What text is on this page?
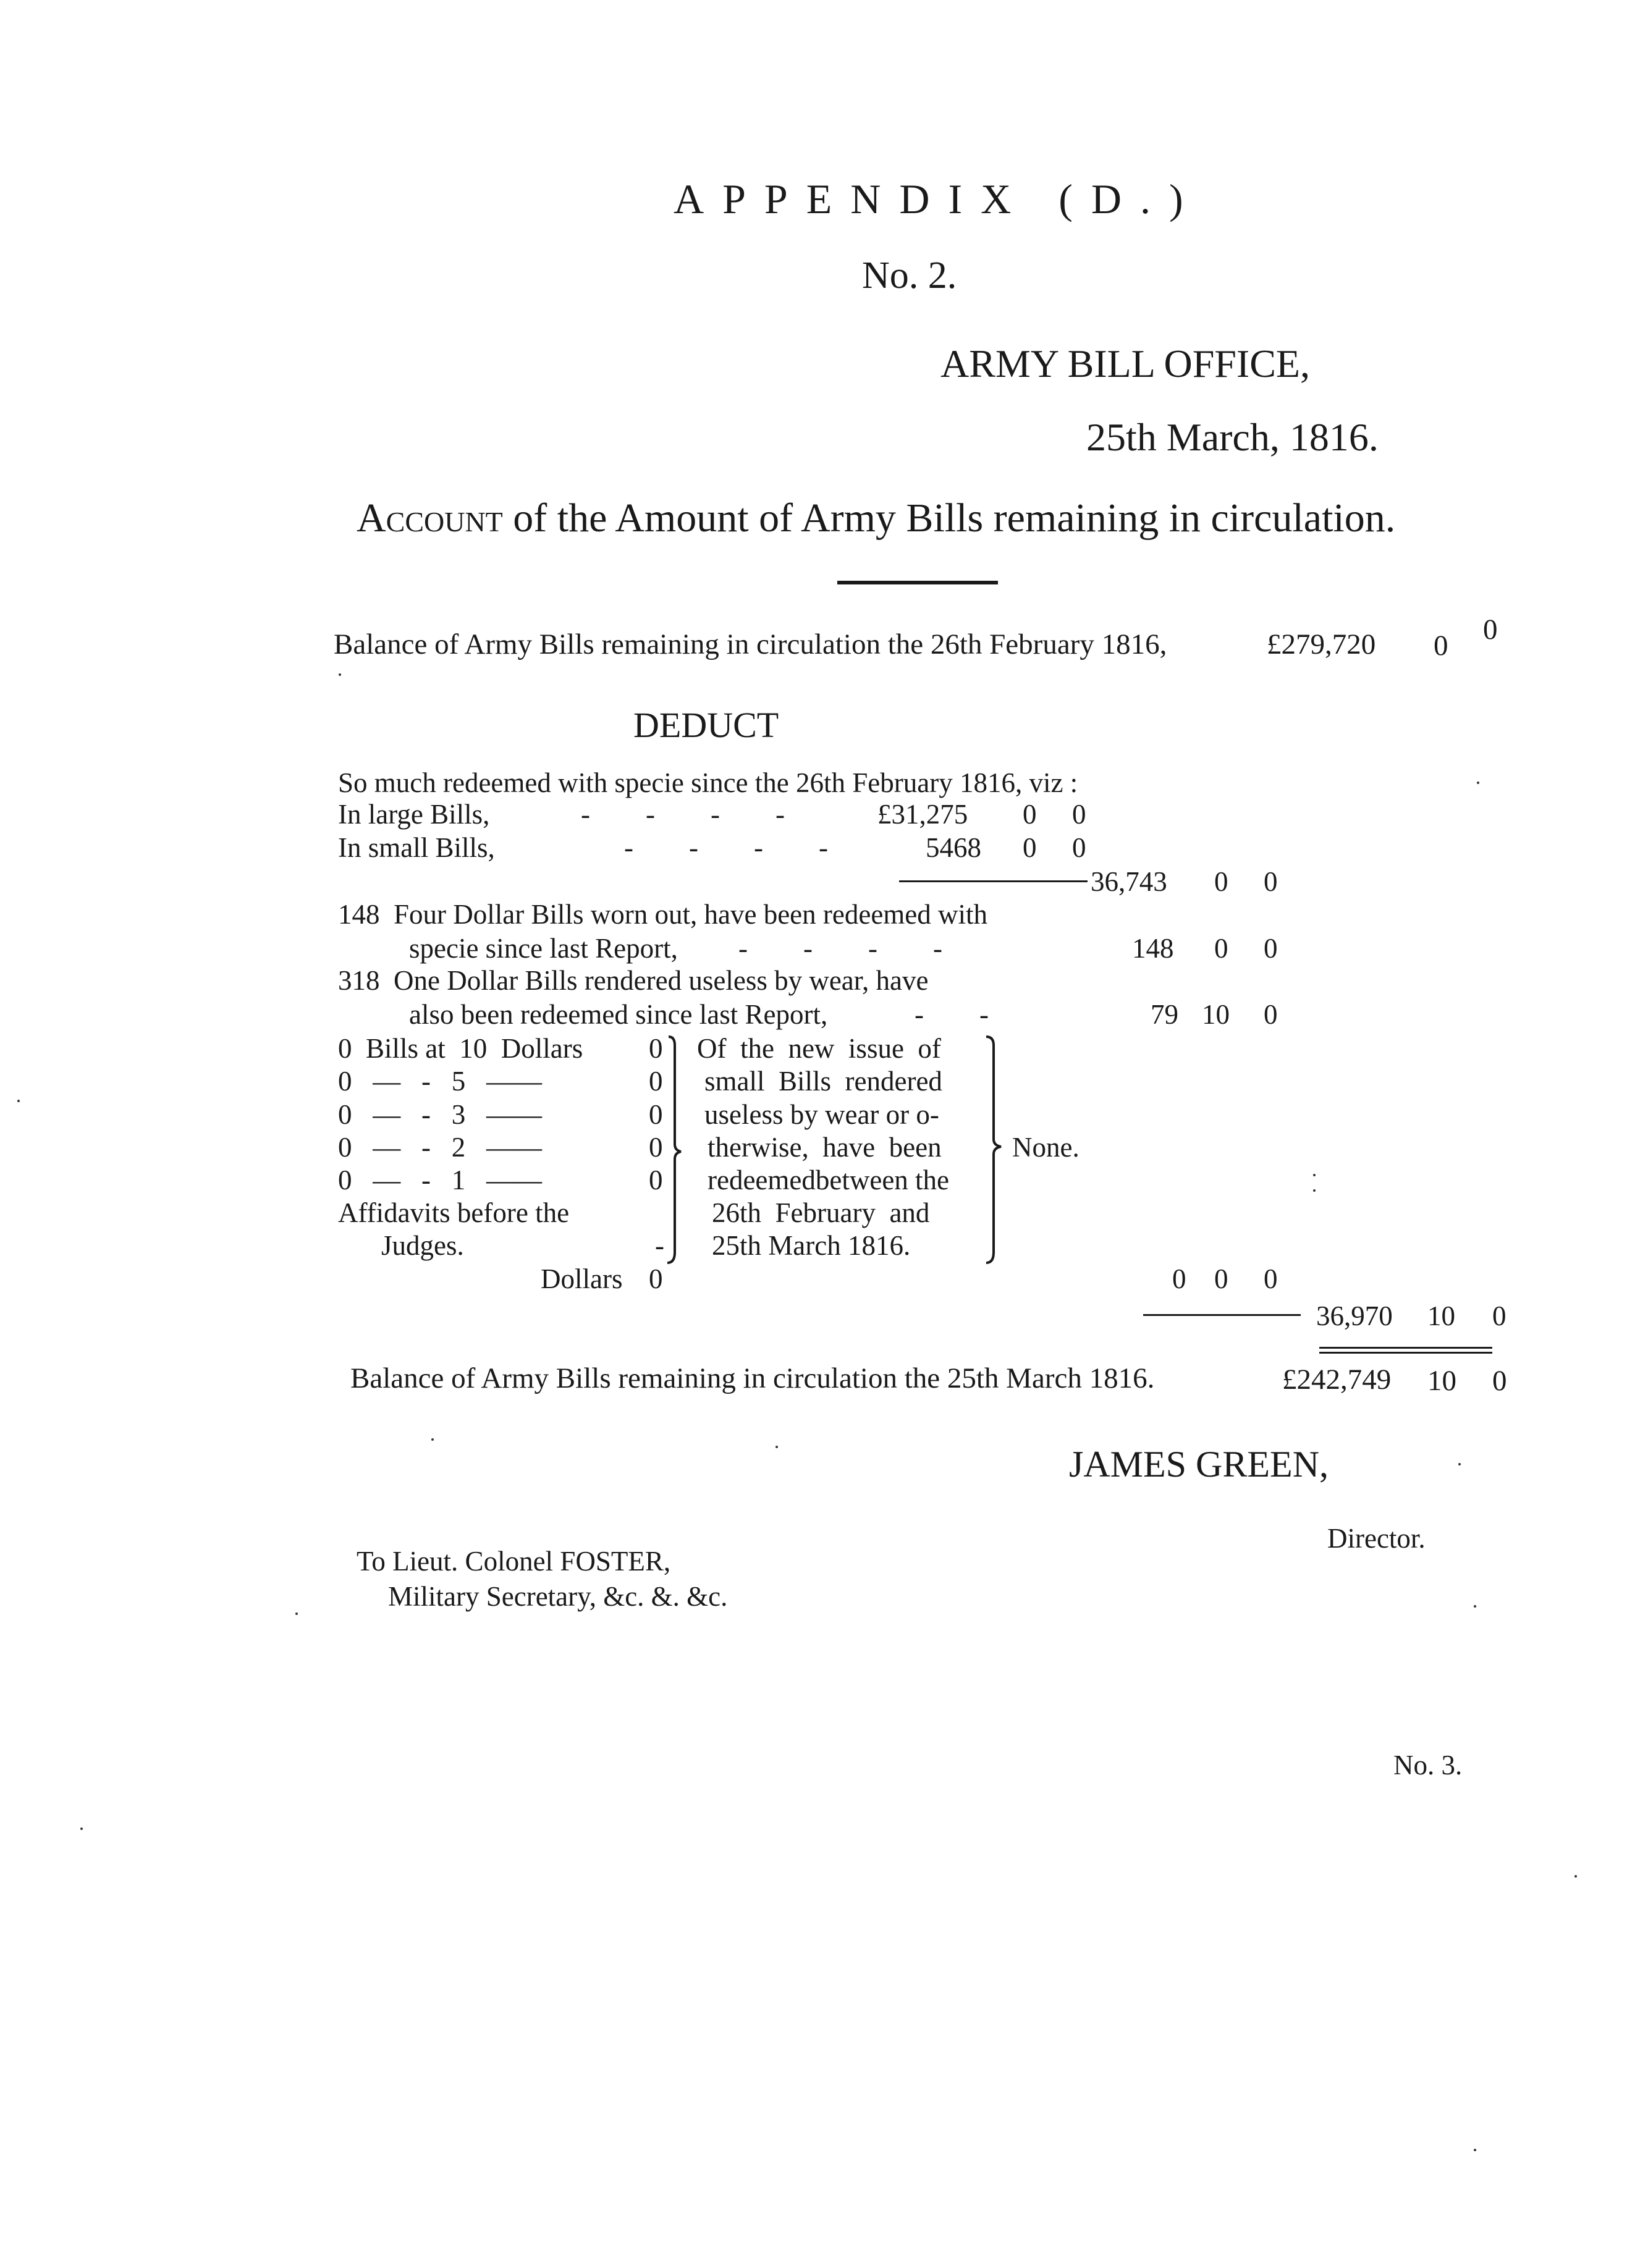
APPENDIX (D.)
No. 2.
ARMY BILL OFFICE,
25th March, 1816.
Account of the Amount of Army Bills remaining in circulation.
Balance of Army Bills remaining in circulation the 26th February 1816,	£279,720 0 0
DEDUCT
So much redeemed with specie since the 26th February 1816, viz :
In large Bills,	-        -        -        -	£31,275 0 0
In small Bills,	-        -        -        -	5468 0 0
36,743 0 0
148  Four Dollar Bills worn out, have been redeemed with
specie since last Report, -        -        -        -	148 0 0
318  One Dollar Bills rendered useless by wear, have
also been redeemed since last Report,	-        -	79 10 0
0  Bills at  10  Dollars 0
0   —   -   5   ——	0
0   —   -   3   ——	0
0   —   -   2   ——	0
0   —   -   1   ——	0
Affidavits before the
Judges.	-
Dollars 0
Of  the  new  issue  of
small  Bills  rendered
useless by wear or o-
therwise,  have  been
redeemedbetween the
26th  February  and
25th March 1816.
None.
0 0 0
36,970 10 0
Balance of Army Bills remaining in circulation the 25th March 1816.	£242,749 10 0
JAMES GREEN,
Director.
To Lieut. Colonel FOSTER,
Military Secretary, &c. &. &c.
No. 3.
